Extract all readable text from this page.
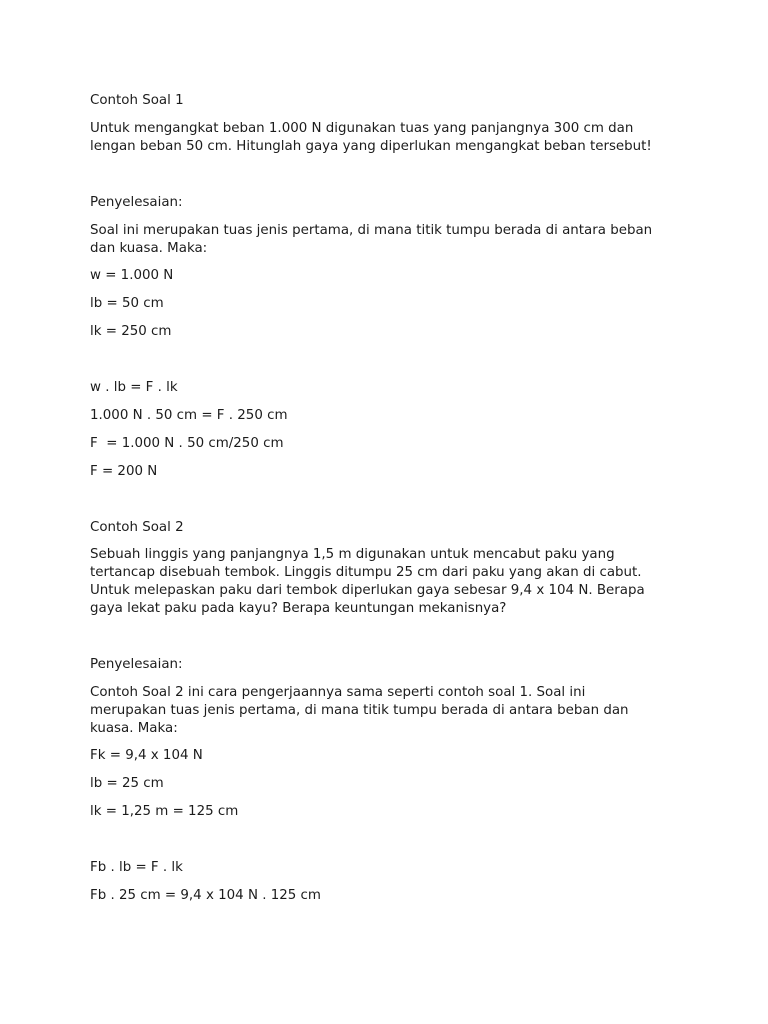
Contoh Soal 1
Untuk mengangkat beban 1.000 N digunakan tuas yang panjangnya 300 cm dan
lengan beban 50 cm. Hitunglah gaya yang diperlukan mengangkat beban tersebut!
Penyelesaian:
Soal ini merupakan tuas jenis pertama, di mana titik tumpu berada di antara beban
dan kuasa. Maka:
w = 1.000 N
lb = 50 cm
lk = 250 cm
w . lb = F . lk
1.000 N . 50 cm = F . 250 cm
F  = 1.000 N . 50 cm/250 cm
F = 200 N
Contoh Soal 2
Sebuah linggis yang panjangnya 1,5 m digunakan untuk mencabut paku yang
tertancap disebuah tembok. Linggis ditumpu 25 cm dari paku yang akan di cabut.
Untuk melepaskan paku dari tembok diperlukan gaya sebesar 9,4 x 104 N. Berapa
gaya lekat paku pada kayu? Berapa keuntungan mekanisnya?
Penyelesaian:
Contoh Soal 2 ini cara pengerjaannya sama seperti contoh soal 1. Soal ini
merupakan tuas jenis pertama, di mana titik tumpu berada di antara beban dan
kuasa. Maka:
Fk = 9,4 x 104 N
lb = 25 cm
lk = 1,25 m = 125 cm
Fb . lb = F . lk
Fb . 25 cm = 9,4 x 104 N . 125 cm
